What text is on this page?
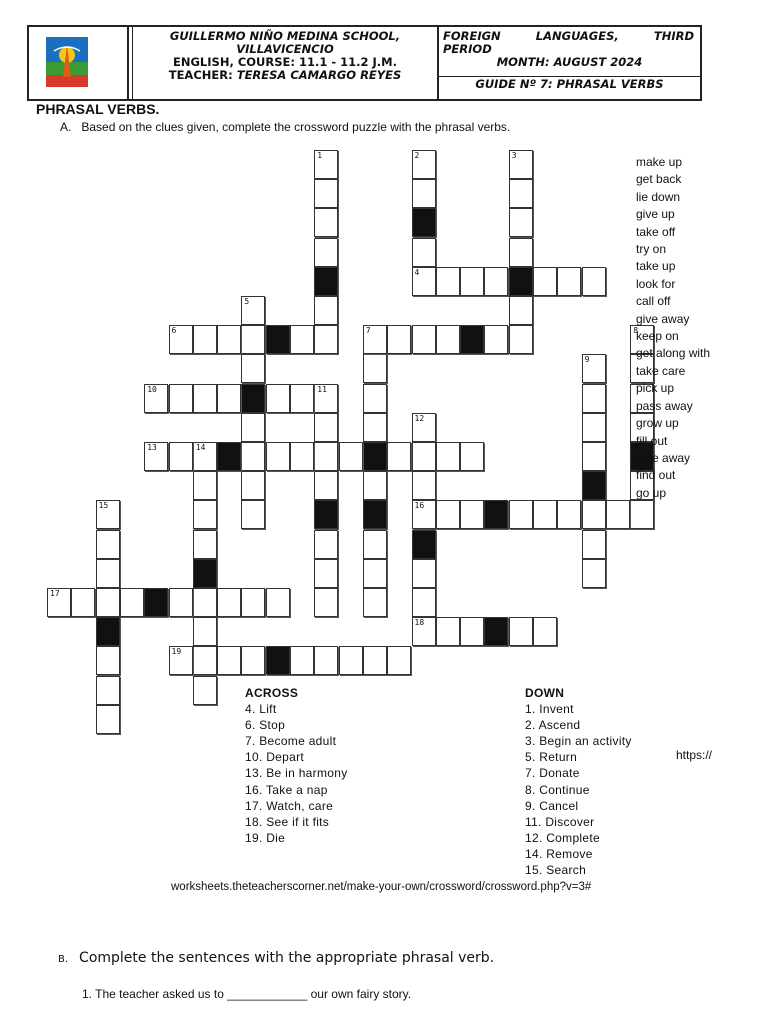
GUILLERMO NIÑO MEDINA SCHOOL,
VILLAVICENCIO
ENGLISH, COURSE: 11.1 - 11.2 J.M.
TEACHER: TERESA CAMARGO REYES
FOREIGN	LANGUAGES,	THIRD
PERIOD
MONTH: AUGUST 2024
GUIDE Nº 7: PHRASAL VERBS
PHRASAL VERBS.
A. Based on the clues given, complete the crossword puzzle with the phrasal verbs.
1	2
4
3
5
9
8
11
12
16
18
14
15
6	7
10
13
17
19
make up
get back
lie down
give up
take off
try on
take up
look for
call off
give away
keep on
get along with
take care
pick up
pass away
grow up
fill out
take away
find out
go up
ACROSS
4. Lift
6. Stop
7. Become adult
10. Depart
13. Be in harmony
16. Take a nap
17. Watch, care
18. See if it fits
19. Die
DOWN
1. Invent
2. Ascend
3. Begin an activity
5. Return
7. Donate
8. Continue
9. Cancel
11. Discover
12. Complete
14. Remove
15. Search
https://
worksheets.theteacherscorner.net/make-your-own/crossword/crossword.php?v=3#
B. Complete the sentences with the appropriate phrasal verb.
1. The teacher asked us to ____________ our own fairy story.
